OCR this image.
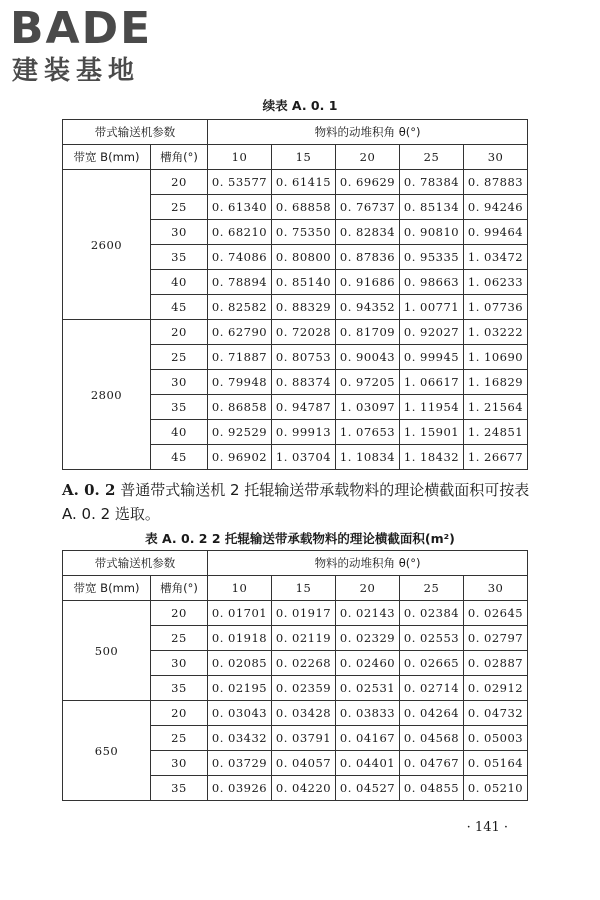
BADE
建装基地
续表 A. 0. 1
带式输送机参数		物料的动堆积角 θ(°)				
带宽 B(mm)	槽角(°)	10	15	20	25	30
2600	20	0. 53577	0. 61415	0. 69629	0. 78384	0. 87883
	25	0. 61340	0. 68858	0. 76737	0. 85134	0. 94246
	30	0. 68210	0. 75350	0. 82834	0. 90810	0. 99464
	35	0. 74086	0. 80800	0. 87836	0. 95335	1. 03472
	40	0. 78894	0. 85140	0. 91686	0. 98663	1. 06233
	45	0. 82582	0. 88329	0. 94352	1. 00771	1. 07736
2800	20	0. 62790	0. 72028	0. 81709	0. 92027	1. 03222
	25	0. 71887	0. 80753	0. 90043	0. 99945	1. 10690
	30	0. 79948	0. 88374	0. 97205	1. 06617	1. 16829
	35	0. 86858	0. 94787	1. 03097	1. 11954	1. 21564
	40	0. 92529	0. 99913	1. 07653	1. 15901	1. 24851
	45	0. 96902	1. 03704	1. 10834	1. 18432	1. 26677
A. 0. 2 普通带式输送机 2 托辊输送带承载物料的理论横截面积可按表 A. 0. 2 选取。
表 A. 0. 2 2 托辊输送带承载物料的理论横截面积(m²)
带式输送机参数		物料的动堆积角 θ(°)				
带宽 B(mm)	槽角(°)	10	15	20	25	30
500	20	0. 01701	0. 01917	0. 02143	0. 02384	0. 02645
	25	0. 01918	0. 02119	0. 02329	0. 02553	0. 02797
	30	0. 02085	0. 02268	0. 02460	0. 02665	0. 02887
	35	0. 02195	0. 02359	0. 02531	0. 02714	0. 02912
650	20	0. 03043	0. 03428	0. 03833	0. 04264	0. 04732
	25	0. 03432	0. 03791	0. 04167	0. 04568	0. 05003
	30	0. 03729	0. 04057	0. 04401	0. 04767	0. 05164
	35	0. 03926	0. 04220	0. 04527	0. 04855	0. 05210
· 141 ·
